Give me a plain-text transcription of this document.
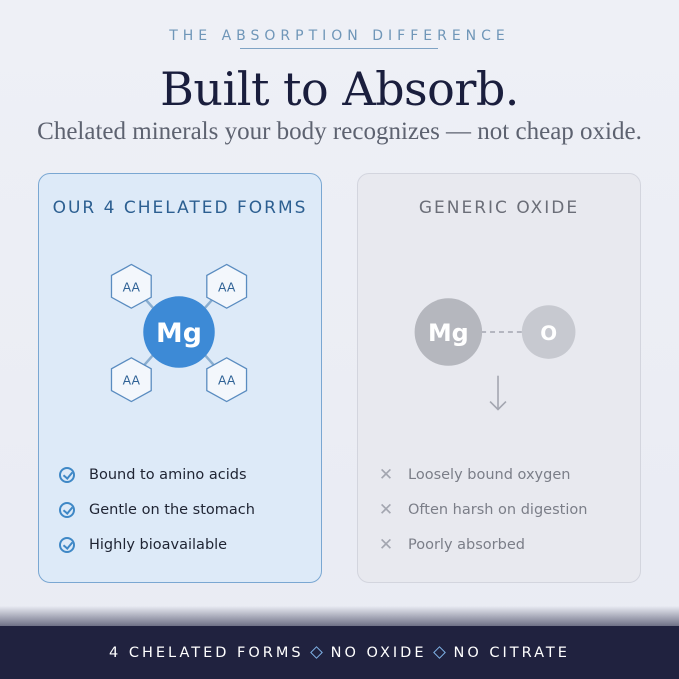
THE ABSORPTION DIFFERENCE
Built to Absorb.
Chelated minerals your body recognizes — not cheap oxide.
OUR 4 CHELATED FORMS
AA	AA
AA	AA
Mg
Bound to amino acids
Gentle on the stomach
Highly bioavailable
GENERIC OXIDE
Mg	O
✕ Loosely bound oxygen
✕ Often harsh on digestion
✕ Poorly absorbed
4 CHELATED FORMS NO OXIDE NO CITRATE
